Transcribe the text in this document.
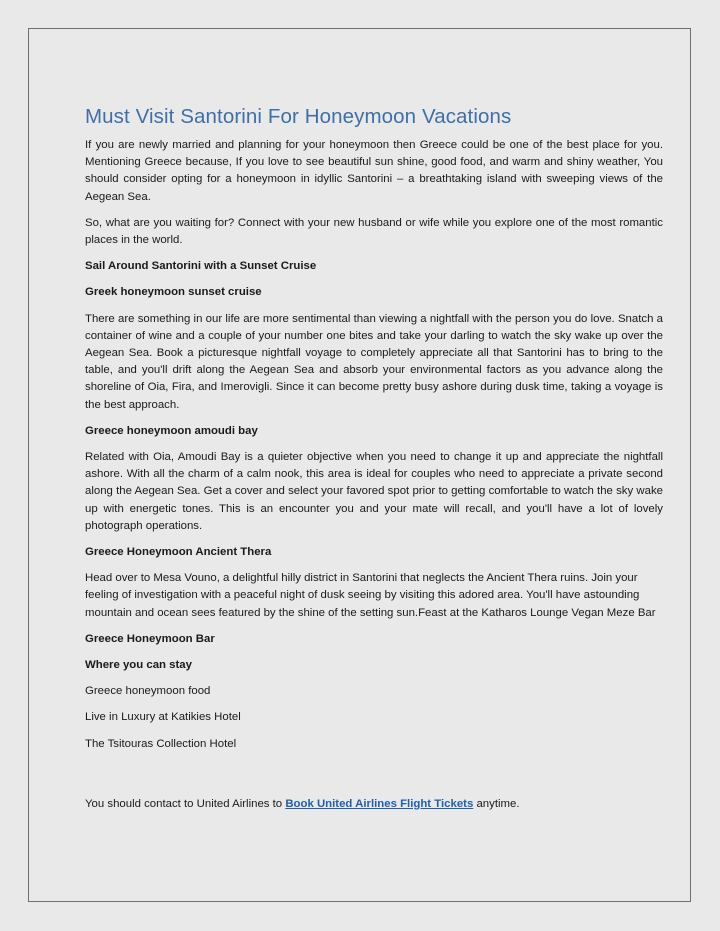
Must Visit Santorini For Honeymoon Vacations

If you are newly married and planning for your honeymoon then Greece could be one of the best place for you. Mentioning Greece because, If you love to see beautiful sun shine, good food, and warm and shiny weather, You should consider opting for a honeymoon in idyllic Santorini – a breathtaking island with sweeping views of the Aegean Sea.

So, what are you waiting for? Connect with your new husband or wife while you explore one of the most romantic places in the world.

Sail Around Santorini with a Sunset Cruise

Greek honeymoon sunset cruise

There are something in our life are more sentimental than viewing a nightfall with the person you do love. Snatch a container of wine and a couple of your number one bites and take your darling to watch the sky wake up over the Aegean Sea. Book a picturesque nightfall voyage to completely appreciate all that Santorini has to bring to the table, and you'll drift along the Aegean Sea and absorb your environmental factors as you advance along the shoreline of Oia, Fira, and Imerovigli. Since it can become pretty busy ashore during dusk time, taking a voyage is the best approach.

Greece honeymoon amoudi bay

Related with Oia, Amoudi Bay is a quieter objective when you need to change it up and appreciate the nightfall ashore. With all the charm of a calm nook, this area is ideal for couples who need to appreciate a private second along the Aegean Sea. Get a cover and select your favored spot prior to getting comfortable to watch the sky wake up with energetic tones. This is an encounter you and your mate will recall, and you'll have a lot of lovely photograph operations.

Greece Honeymoon Ancient Thera

Head over to Mesa Vouno, a delightful hilly district in Santorini that neglects the Ancient Thera ruins. Join your feeling of investigation with a peaceful night of dusk seeing by visiting this adored area. You'll have astounding mountain and ocean sees featured by the shine of the setting sun.Feast at the Katharos Lounge Vegan Meze Bar

Greece Honeymoon Bar

Where you can stay

Greece honeymoon food

Live in Luxury at Katikies Hotel

The Tsitouras Collection Hotel

You should contact to United Airlines to Book United Airlines Flight Tickets anytime.
